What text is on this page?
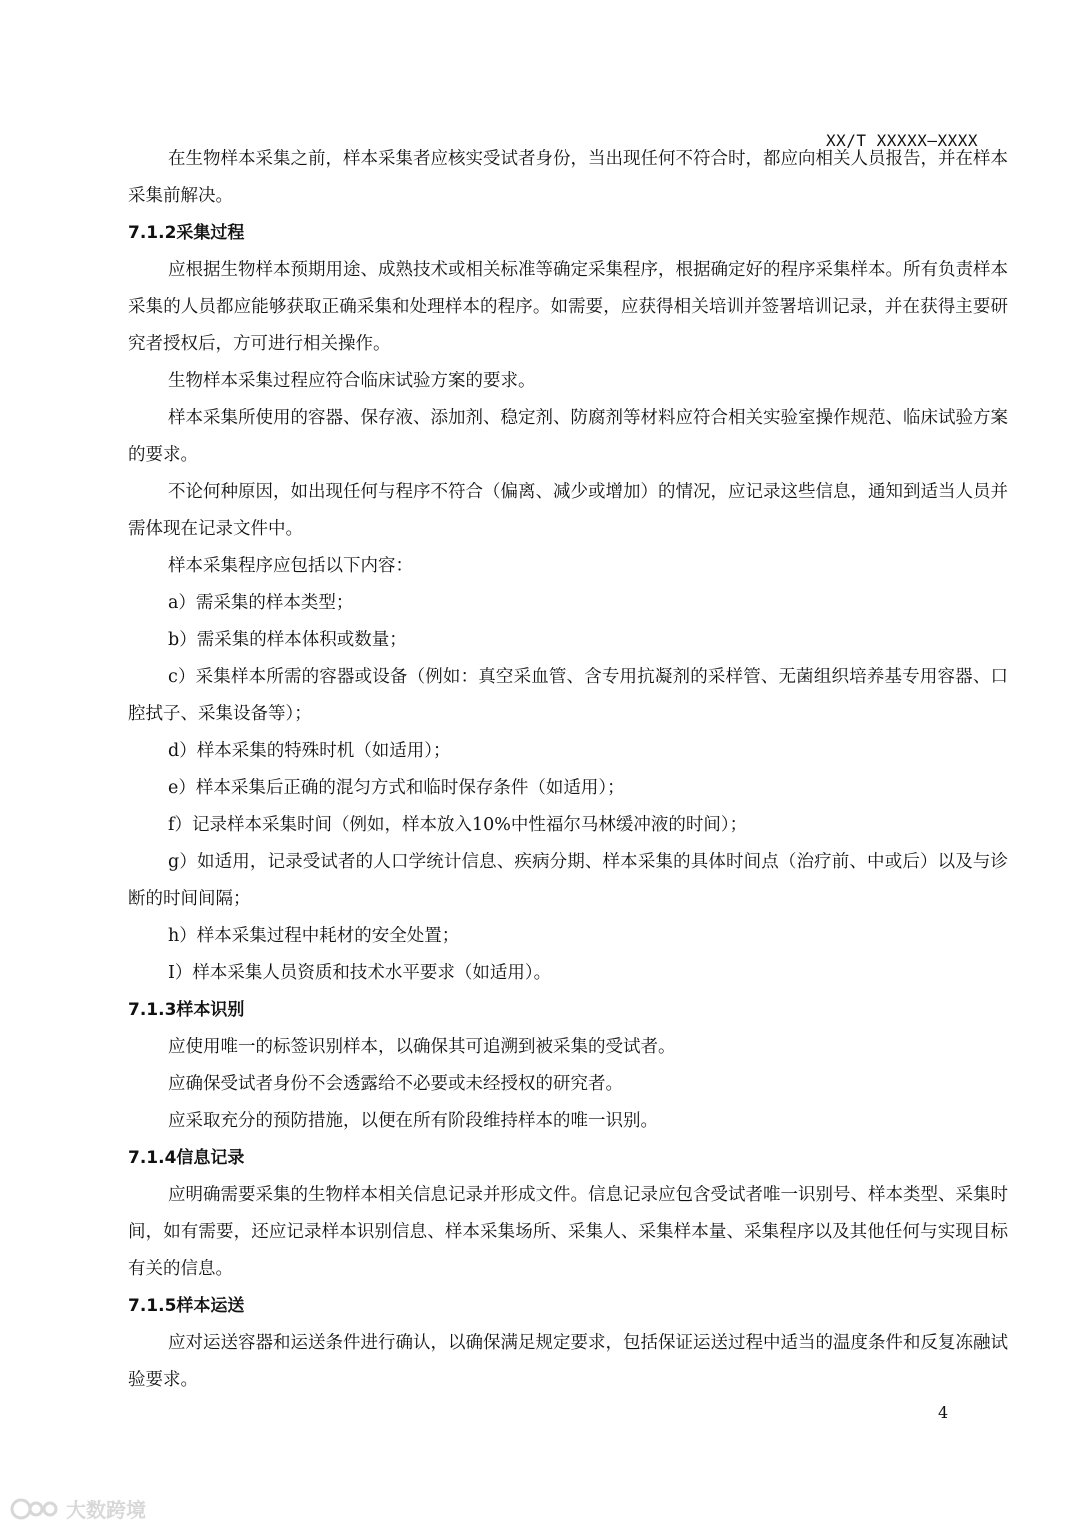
XX/T XXXXX—XXXX

在生物样本采集之前，样本采集者应核实受试者身份，当出现任何不符合时，都应向相关人员报告，并在样本采集前解决。

7.1.2采集过程

应根据生物样本预期用途、成熟技术或相关标准等确定采集程序，根据确定好的程序采集样本。所有负责样本采集的人员都应能够获取正确采集和处理样本的程序。如需要，应获得相关培训并签署培训记录，并在获得主要研究者授权后，方可进行相关操作。

生物样本采集过程应符合临床试验方案的要求。

样本采集所使用的容器、保存液、添加剂、稳定剂、防腐剂等材料应符合相关实验室操作规范、临床试验方案的要求。

不论何种原因，如出现任何与程序不符合（偏离、减少或增加）的情况，应记录这些信息，通知到适当人员并需体现在记录文件中。

样本采集程序应包括以下内容：

a）需采集的样本类型；

b）需采集的样本体积或数量；

c）采集样本所需的容器或设备（例如：真空采血管、含专用抗凝剂的采样管、无菌组织培养基专用容器、口腔拭子、采集设备等）；

d）样本采集的特殊时机（如适用）；

e）样本采集后正确的混匀方式和临时保存条件（如适用）；

f）记录样本采集时间（例如，样本放入10%中性福尔马林缓冲液的时间）；

g）如适用，记录受试者的人口学统计信息、疾病分期、样本采集的具体时间点（治疗前、中或后）以及与诊断的时间间隔；

h）样本采集过程中耗材的安全处置；

I）样本采集人员资质和技术水平要求（如适用）。

7.1.3样本识别

应使用唯一的标签识别样本，以确保其可追溯到被采集的受试者。

应确保受试者身份不会透露给不必要或未经授权的研究者。

应采取充分的预防措施，以便在所有阶段维持样本的唯一识别。

7.1.4信息记录

应明确需要采集的生物样本相关信息记录并形成文件。信息记录应包含受试者唯一识别号、样本类型、采集时间，如有需要，还应记录样本识别信息、样本采集场所、采集人、采集样本量、采集程序以及其他任何与实现目标有关的信息。

7.1.5样本运送

应对运送容器和运送条件进行确认，以确保满足规定要求，包括保证运送过程中适当的温度条件和反复冻融试验要求。

4
大数跨境
